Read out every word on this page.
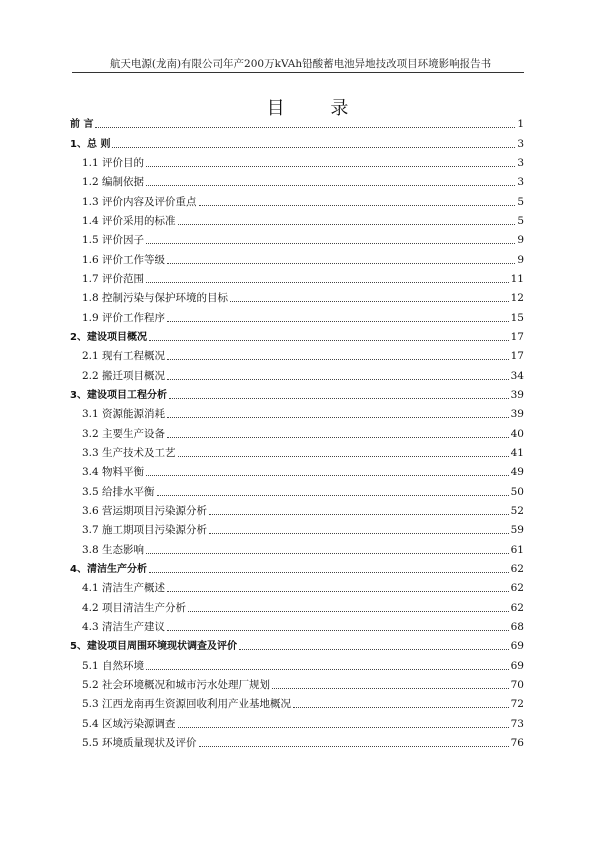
航天电源(龙南)有限公司年产200万kVAh铅酸蓄电池异地技改项目环境影响报告书
目 录
前 言	1
1、总 则	3
1.1 评价目的	3
1.2 编制依据	3
1.3 评价内容及评价重点	5
1.4 评价采用的标准	5
1.5 评价因子	9
1.6 评价工作等级	9
1.7 评价范围	11
1.8 控制污染与保护环境的目标	12
1.9 评价工作程序	15
2、建设项目概况	17
2.1 现有工程概况	17
2.2 搬迁项目概况	34
3、建设项目工程分析	39
3.1 资源能源消耗	39
3.2 主要生产设备	40
3.3 生产技术及工艺	41
3.4 物料平衡	49
3.5 给排水平衡	50
3.6 营运期项目污染源分析	52
3.7 施工期项目污染源分析	59
3.8 生态影响	61
4、清洁生产分析	62
4.1 清洁生产概述	62
4.2 项目清洁生产分析	62
4.3 清洁生产建议	68
5、建设项目周围环境现状调查及评价	69
5.1 自然环境	69
5.2 社会环境概况和城市污水处理厂规划	70
5.3 江西龙南再生资源回收利用产业基地概况	72
5.4 区域污染源调查	73
5.5 环境质量现状及评价	76
